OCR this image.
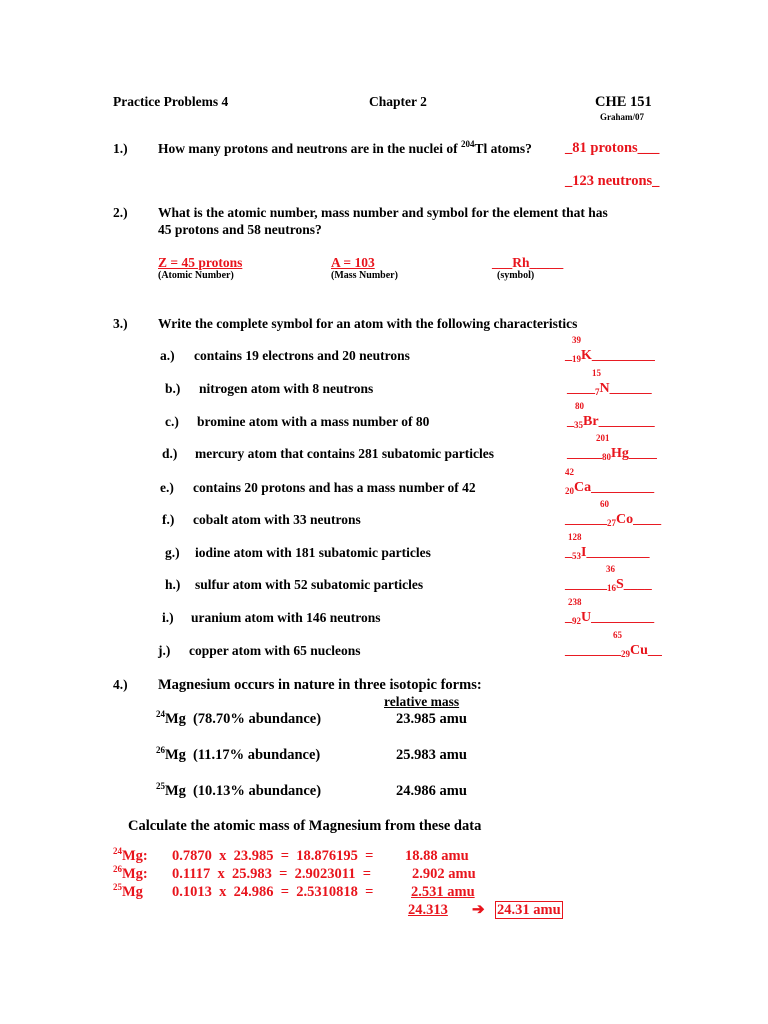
Practice Problems 4	Chapter 2	CHE 151
Graham/07
1.) How many protons and neutrons are in the nuclei of $^{204}$Tl atoms? _81 protons___
_123 neutrons_
2.) What is the atomic number, mass number and symbol for the element that has
45 protons and 58 neutrons?
Z = 45 protons
(Atomic Number)
A = 103
(Mass Number)
___Rh_____
(symbol)
3.) Write the complete symbol for an atom with the following characteristics
a.) contains 19 electrons and 20 neutrons
39
$\__{19}K\_\_\_\_\_\_\_\_\_$
b.) nitrogen atom with 8 neutrons
15
$\_\_\_\__7N\_\_\_\_\_\_$
c.) bromine atom with a mass number of 80
80
$\__{35}Br\_\_\_\_\_\_\_\_$
d.) mercury atom that contains 281 subatomic particles
201
$\_\_\_\_\__{80}Hg\_\_\_\_$
e.) contains 20 protons and has a mass number of 42
42
$_{20}$Ca_________
f.) cobalt atom with 33 neutrons
60
$\_\_\_\_\_\__{27}Co\_\_\_\_$
g.) iodine atom with 181 subatomic particles
128
$\__{53}I\_\_\_\_\_\_\_\_\_$
h.) sulfur atom with 52 subatomic particles
36
$\_\_\_\_\_\__{16}S\_\_\_\_$
i.) uranium atom with 146 neutrons
238
$\__{92}U\_\_\_\_\_\_\_\_\_$
j.) copper atom with 65 nucleons
65
$\_\_\_\_\_\_\_\__{29}Cu\_\_$
4.) Magnesium occurs in nature in three isotopic forms:
relative mass
$^{24}$Mg (78.70% abundance)	23.985 amu
$^{26}$Mg (11.17% abundance)	25.983 amu
$^{25}$Mg (10.13% abundance)	24.986 amu
Calculate the atomic mass of Magnesium from these data
$^{24}$Mg: 0.7870  x  23.985  =  18.876195  = 18.88 amu
$^{26}$Mg: 0.1117  x  25.983  =  2.9023011  =	2.902 amu
$^{25}$Mg 0.1013  x  24.986  =  2.5310818  =	2.531 amu
24.313	➔ 24.31 amu
